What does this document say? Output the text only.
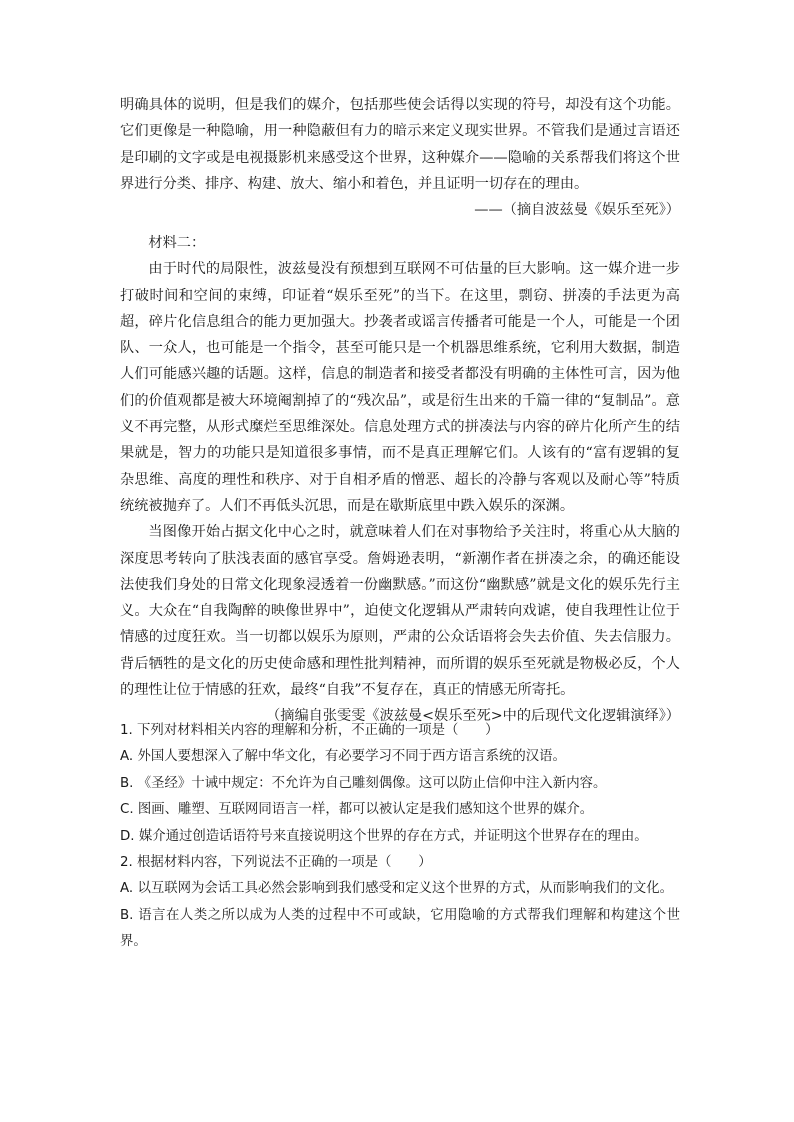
明确具体的说明，但是我们的媒介，包括那些使会话得以实现的符号，却没有这个功能。它们更像是一种隐喻，用一种隐蔽但有力的暗示来定义现实世界。不管我们是通过言语还是印刷的文字或是电视摄影机来感受这个世界，这种媒介——隐喻的关系帮我们将这个世界进行分类、排序、构建、放大、缩小和着色，并且证明一切存在的理由。

——（摘自波兹曼《娱乐至死》）

材料二：

由于时代的局限性，波兹曼没有预想到互联网不可估量的巨大影响。这一媒介进一步打破时间和空间的束缚，印证着“娱乐至死”的当下。在这里，剽窃、拼凑的手法更为高超，碎片化信息组合的能力更加强大。抄袭者或谣言传播者可能是一个人，可能是一个团队、一众人，也可能是一个指令，甚至可能只是一个机器思维系统，它利用大数据，制造人们可能感兴趣的话题。这样，信息的制造者和接受者都没有明确的主体性可言，因为他们的价值观都是被大环境阉割掉了的“残次品”，或是衍生出来的千篇一律的“复制品”。意义不再完整，从形式糜烂至思维深处。信息处理方式的拼凑法与内容的碎片化所产生的结果就是，智力的功能只是知道很多事情，而不是真正理解它们。人该有的“富有逻辑的复杂思维、高度的理性和秩序、对于自相矛盾的憎恶、超长的冷静与客观以及耐心等”特质统统被抛弃了。人们不再低头沉思，而是在歇斯底里中跌入娱乐的深渊。

当图像开始占据文化中心之时，就意味着人们在对事物给予关注时，将重心从大脑的深度思考转向了肤浅表面的感官享受。詹姆逊表明，“新潮作者在拼凑之余，的确还能设法使我们身处的日常文化现象浸透着一份幽默感。”而这份“幽默感”就是文化的娱乐先行主义。大众在“自我陶醉的映像世界中”，迫使文化逻辑从严肃转向戏谑，使自我理性让位于情感的过度狂欢。当一切都以娱乐为原则，严肃的公众话语将会失去价值、失去信服力。背后牺牲的是文化的历史使命感和理性批判精神，而所谓的娱乐至死就是物极必反，个人的理性让位于情感的狂欢，最终“自我”不复存在，真正的情感无所寄托。

（摘编自张雯雯《波兹曼<娱乐至死>中的后现代文化逻辑演绎》）

1. 下列对材料相关内容的理解和分析，不正确的一项是（　　）

A. 外国人要想深入了解中华文化，有必要学习不同于西方语言系统的汉语。

B. 《圣经》十诫中规定：不允许为自己雕刻偶像。这可以防止信仰中注入新内容。

C. 图画、雕塑、互联网同语言一样，都可以被认定是我们感知这个世界的媒介。

D. 媒介通过创造话语符号来直接说明这个世界的存在方式，并证明这个世界存在的理由。

2. 根据材料内容，下列说法不正确的一项是（　　）

A. 以互联网为会话工具必然会影响到我们感受和定义这个世界的方式，从而影响我们的文化。

B. 语言在人类之所以成为人类的过程中不可或缺，它用隐喻的方式帮我们理解和构建这个世界。
